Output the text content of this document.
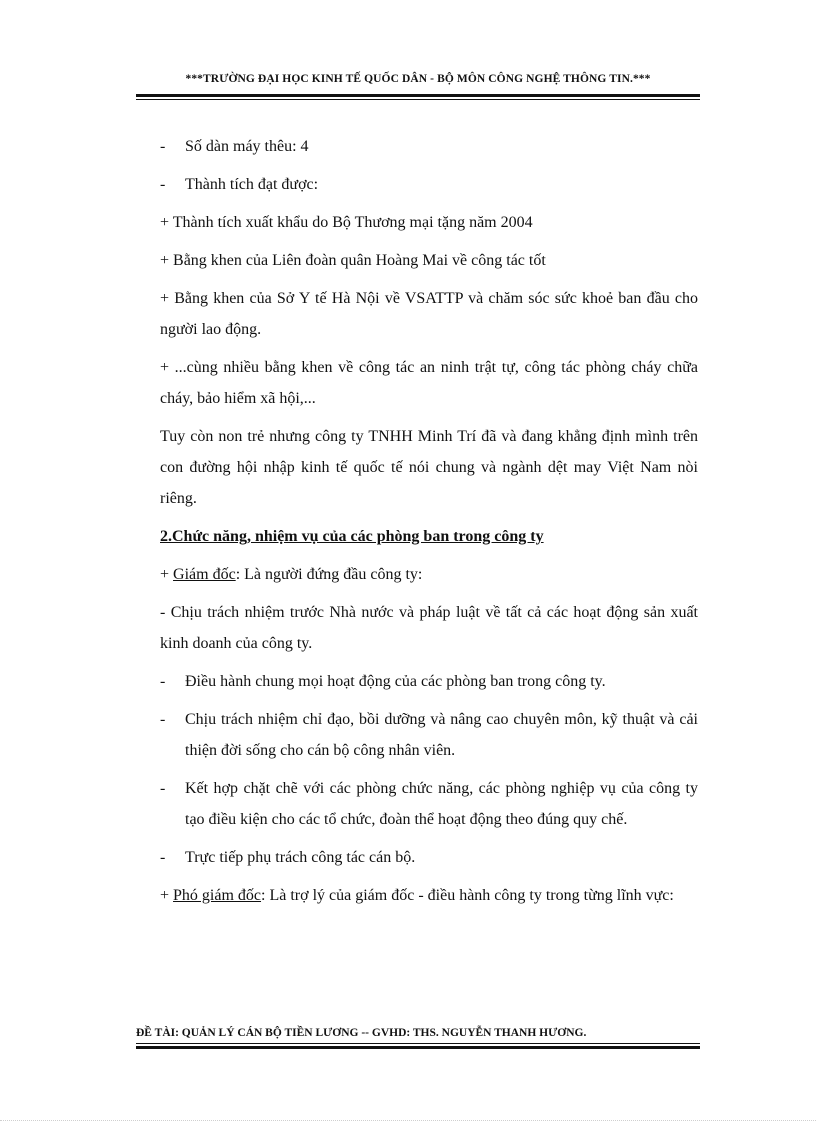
***TRƯỜNG ĐẠI HỌC KINH TẾ QUỐC DÂN - BỘ MÔN CÔNG NGHỆ THÔNG TIN.***
-	Số dàn máy thêu: 4
-	Thành tích đạt được:

+ Thành tích xuất khẩu do Bộ Thương mại tặng năm 2004

+ Bằng khen của Liên đoàn quân Hoàng Mai về công tác tốt

+ Bằng khen của Sở Y tế Hà Nội về VSATTP và chăm sóc sức khoẻ ban đầu cho người lao động.

+ ...cùng nhiều bằng khen về công tác an ninh trật tự, công tác phòng cháy chữa cháy, bảo hiểm xã hội,...

Tuy còn non trẻ nhưng công ty TNHH Minh Trí đã và đang khẳng định mình trên con đường hội nhập kinh tế quốc tế nói chung và ngành dệt may Việt Nam nòi riêng.

2.Chức năng, nhiệm vụ của các phòng ban trong công ty

+ Giám đốc: Là người đứng đầu công ty:

- Chịu trách nhiệm trước Nhà nước và pháp luật về tất cả các hoạt động sản xuất kinh doanh của công ty.

-	Điều hành chung mọi hoạt động của các phòng ban trong công ty.
-	Chịu trách nhiệm chỉ đạo, bồi dưỡng và nâng cao chuyên môn, kỹ thuật và cải thiện đời sống cho cán bộ công nhân viên.
-	Kết hợp chặt chẽ với các phòng chức năng, các phòng nghiệp vụ của công ty tạo điều kiện cho các tổ chức, đoàn thể hoạt động theo đúng quy chế.
-	Trực tiếp phụ trách công tác cán bộ.

+ Phó giám đốc: Là trợ lý của giám đốc - điều hành công ty trong từng lĩnh vực:

ĐỀ TÀI: QUẢN LÝ CÁN BỘ TIỀN LƯƠNG -- GVHD: THS. NGUYỄN THANH HƯƠNG.
